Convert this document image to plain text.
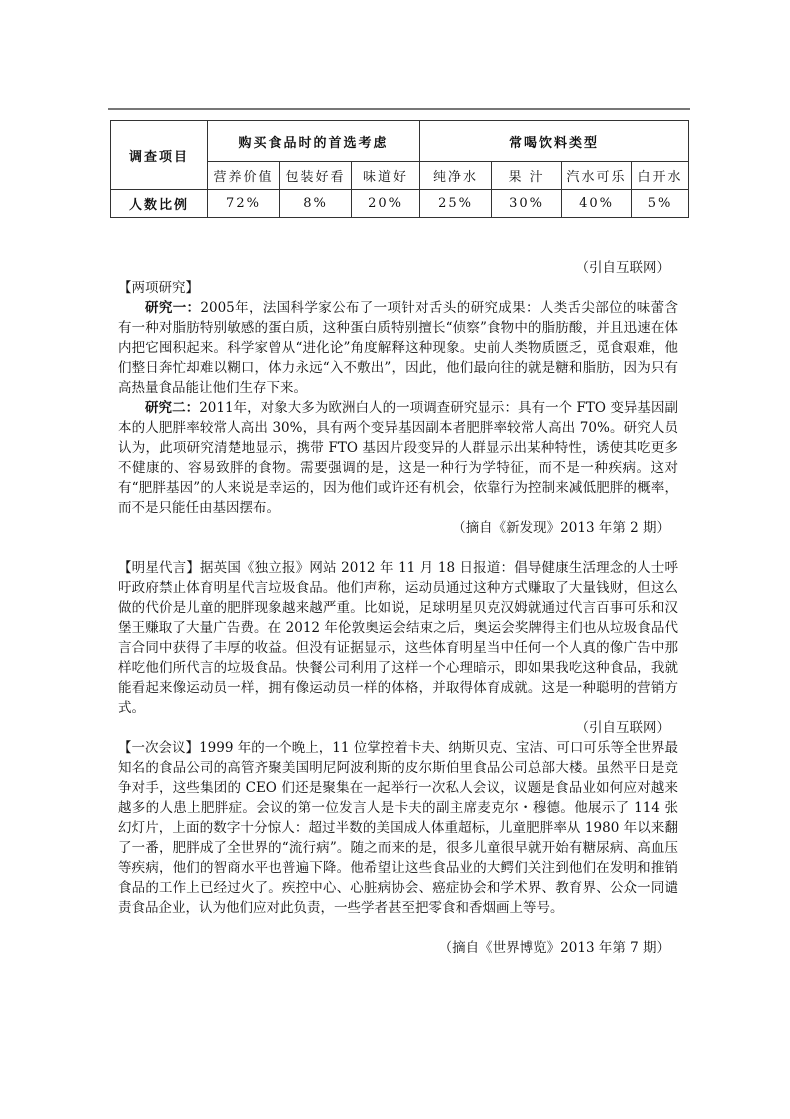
调查项目	购买食品时的首选考虑			常喝饮料类型			
	营养价值	包装好看	味道好	纯净水	果 汁	汽水可乐	白开水
人数比例	72%	8%	20%	25%	30%	40%	5%

（引自互联网）

【两项研究】

研究一：2005年，法国科学家公布了一项针对舌头的研究成果：人类舌尖部位的味蕾含有一种对脂肪特别敏感的蛋白质，这种蛋白质特别擅长“侦察”食物中的脂肪酸，并且迅速在体内把它囤积起来。科学家曾从“进化论”角度解释这种现象。史前人类物质匮乏，觅食艰难，他们整日奔忙却难以糊口，体力永远“入不敷出”，因此，他们最向往的就是糖和脂肪，因为只有高热量食品能让他们生存下来。

研究二：2011年，对象大多为欧洲白人的一项调查研究显示：具有一个 FTO 变异基因副本的人肥胖率较常人高出 30%，具有两个变异基因副本者肥胖率较常人高出 70%。研究人员认为，此项研究清楚地显示，携带 FTO 基因片段变异的人群显示出某种特性，诱使其吃更多不健康的、容易致胖的食物。需要强调的是，这是一种行为学特征，而不是一种疾病。这对有“肥胖基因”的人来说是幸运的，因为他们或许还有机会，依靠行为控制来减低肥胖的概率，而不是只能任由基因摆布。

（摘自《新发现》2013 年第 2 期）

【明星代言】据英国《独立报》网站 2012 年 11 月 18 日报道：倡导健康生活理念的人士呼吁政府禁止体育明星代言垃圾食品。他们声称，运动员通过这种方式赚取了大量钱财，但这么做的代价是儿童的肥胖现象越来越严重。比如说，足球明星贝克汉姆就通过代言百事可乐和汉堡王赚取了大量广告费。在 2012 年伦敦奥运会结束之后，奥运会奖牌得主们也从垃圾食品代言合同中获得了丰厚的收益。但没有证据显示，这些体育明星当中任何一个人真的像广告中那样吃他们所代言的垃圾食品。快餐公司利用了这样一个心理暗示，即如果我吃这种食品，我就能看起来像运动员一样，拥有像运动员一样的体格，并取得体育成就。这是一种聪明的营销方式。

（引自互联网）

【一次会议】1999 年的一个晚上，11 位掌控着卡夫、纳斯贝克、宝洁、可口可乐等全世界最知名的食品公司的高管齐聚美国明尼阿波利斯的皮尔斯伯里食品公司总部大楼。虽然平日是竞争对手，这些集团的 CEO 们还是聚集在一起举行一次私人会议，议题是食品业如何应对越来越多的人患上肥胖症。会议的第一位发言人是卡夫的副主席麦克尔・穆德。他展示了 114 张幻灯片，上面的数字十分惊人：超过半数的美国成人体重超标，儿童肥胖率从 1980 年以来翻了一番，肥胖成了全世界的“流行病”。随之而来的是，很多儿童很早就开始有糖尿病、高血压等疾病，他们的智商水平也普遍下降。他希望让这些食品业的大鳄们关注到他们在发明和推销食品的工作上已经过火了。疾控中心、心脏病协会、癌症协会和学术界、教育界、公众一同谴责食品企业，认为他们应对此负责，一些学者甚至把零食和香烟画上等号。

（摘自《世界博览》2013 年第 7 期）
